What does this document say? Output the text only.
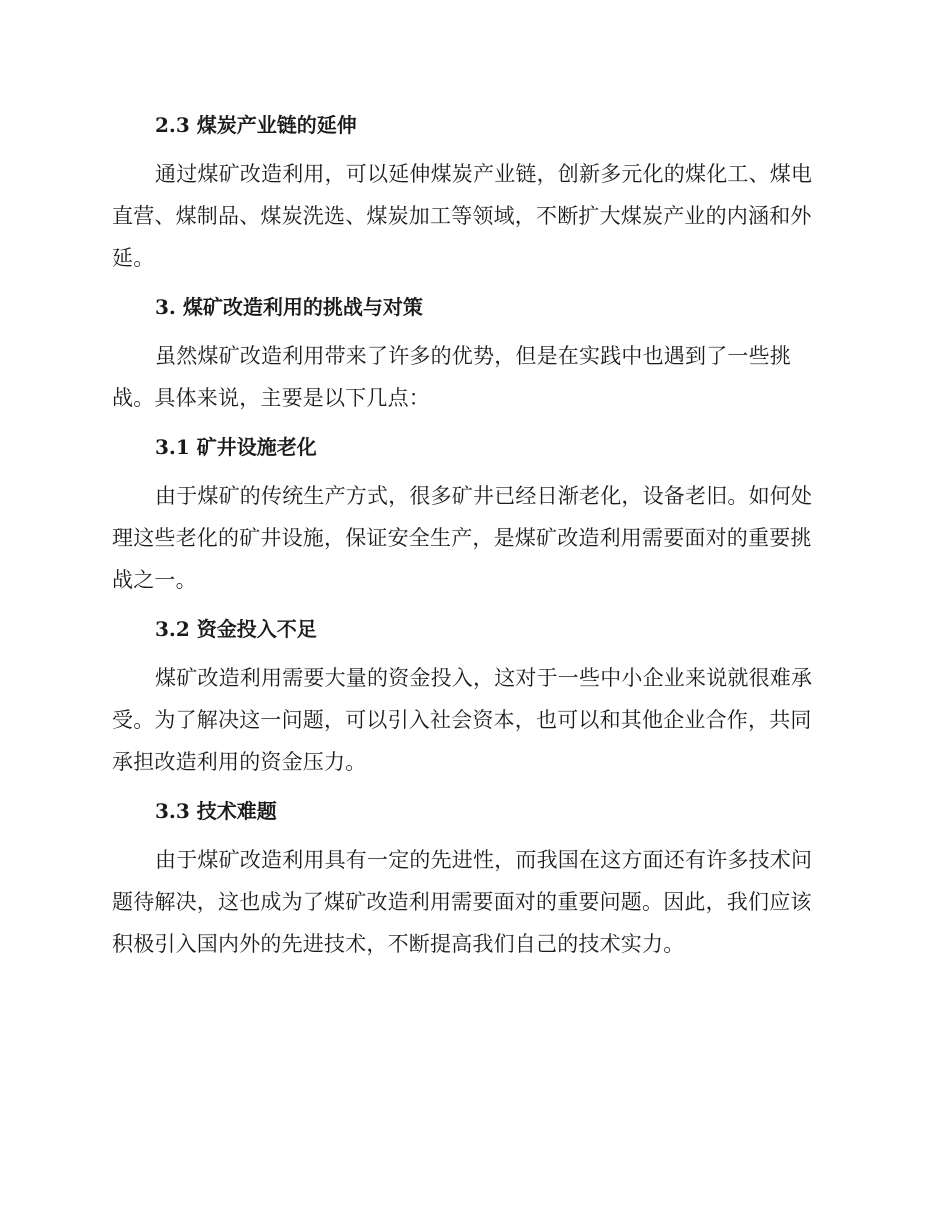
2.3 煤炭产业链的延伸
通过煤矿改造利用，可以延伸煤炭产业链，创新多元化的煤化工、煤电
直营、煤制品、煤炭洗选、煤炭加工等领域，不断扩大煤炭产业的内涵和外
延。
3. 煤矿改造利用的挑战与对策
虽然煤矿改造利用带来了许多的优势，但是在实践中也遇到了一些挑
战。具体来说，主要是以下几点：
3.1 矿井设施老化
由于煤矿的传统生产方式，很多矿井已经日渐老化，设备老旧。如何处
理这些老化的矿井设施，保证安全生产，是煤矿改造利用需要面对的重要挑
战之一。
3.2 资金投入不足
煤矿改造利用需要大量的资金投入，这对于一些中小企业来说就很难承
受。为了解决这一问题，可以引入社会资本，也可以和其他企业合作，共同
承担改造利用的资金压力。
3.3 技术难题
由于煤矿改造利用具有一定的先进性，而我国在这方面还有许多技术问
题待解决，这也成为了煤矿改造利用需要面对的重要问题。因此，我们应该
积极引入国内外的先进技术，不断提高我们自己的技术实力。
